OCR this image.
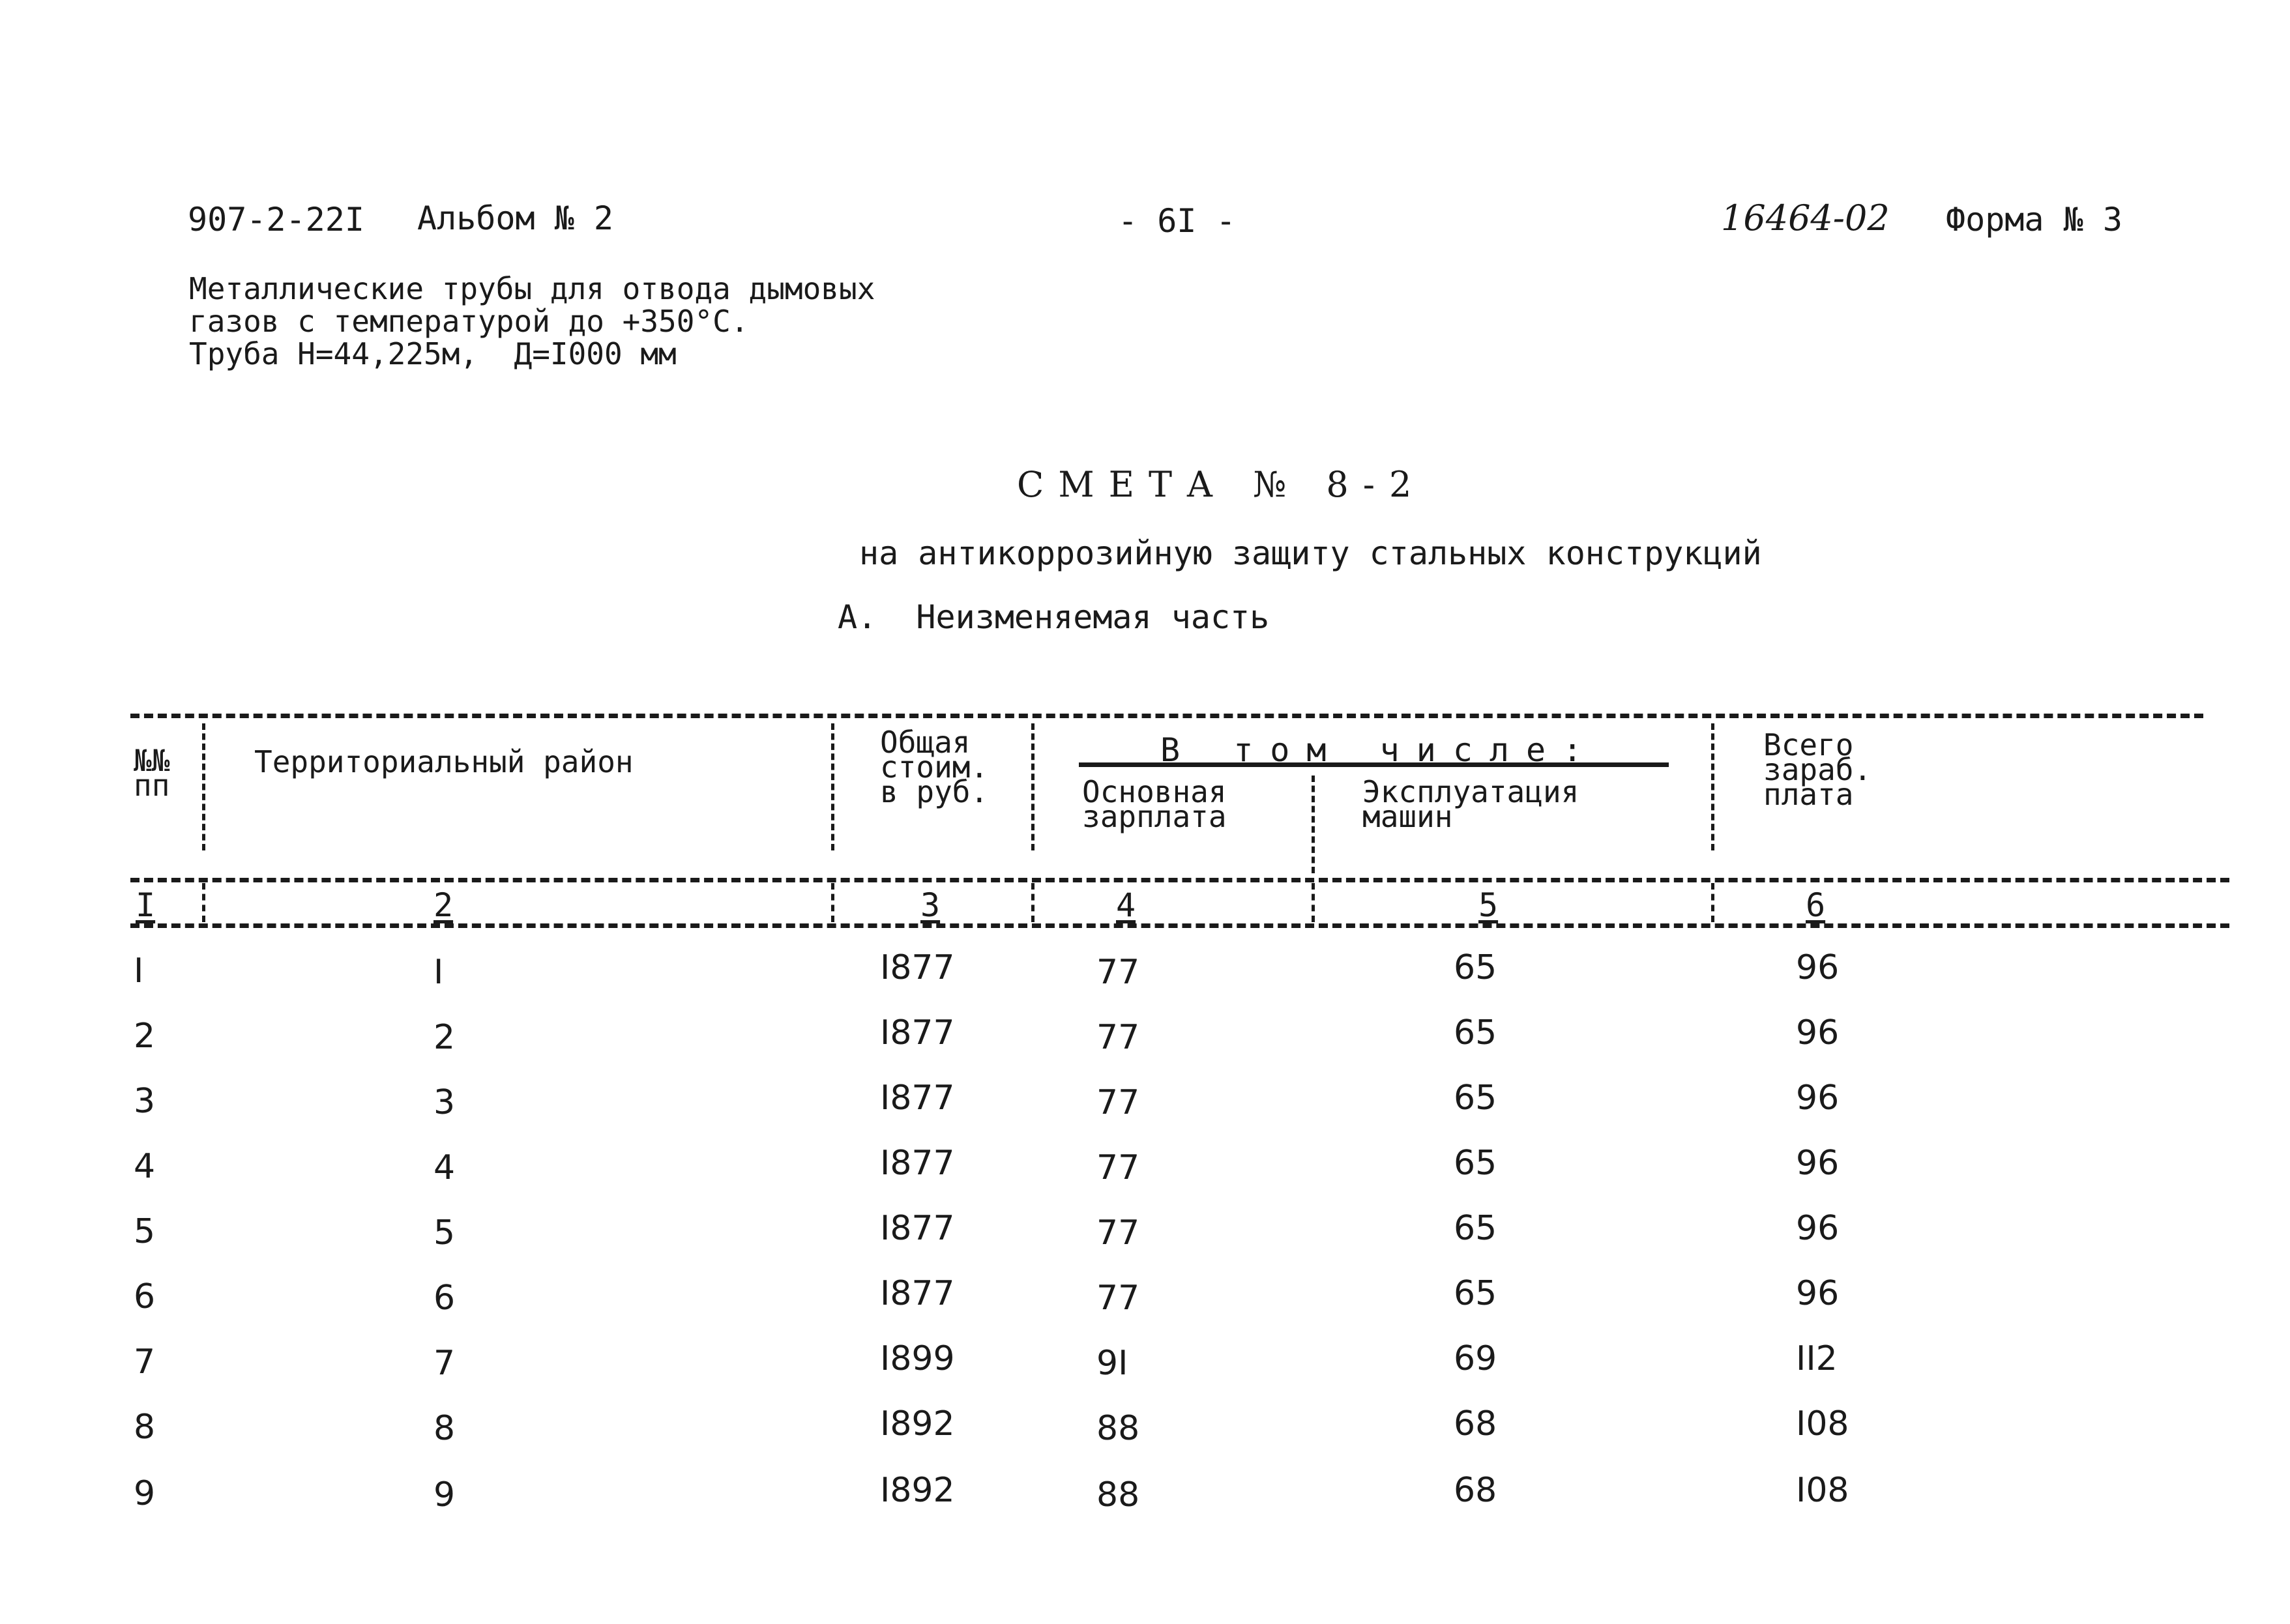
907-2-22I Альбом № 2	- 6I -	16464-02 Форма № 3
Металлические трубы для отвода дымовых
газов с температурой до +350°С.
Труба Н=44,225м,  Д=I000 мм
СМЕТА № 8-2
на антикоррозийную защиту стальных конструкций
А.  Неизменяемая часть
№№
пп
Территориальный район
Общая
стоим.
в руб.
В том числе:
Основная
зарплата
Эксплуатация
машин
Всего
зараб.
плата
I	2	3	4	5	6
I	I	I877	77	65	96
2	2	I877	77	65	96
3	3	I877	77	65	96
4	4	I877	77	65	96
5	5	I877	77	65	96
6	6	I877	77	65	96
7	7	I899	9I	69	II2
8	8	I892	88	68	I08
9	9	I892	88	68	I08
